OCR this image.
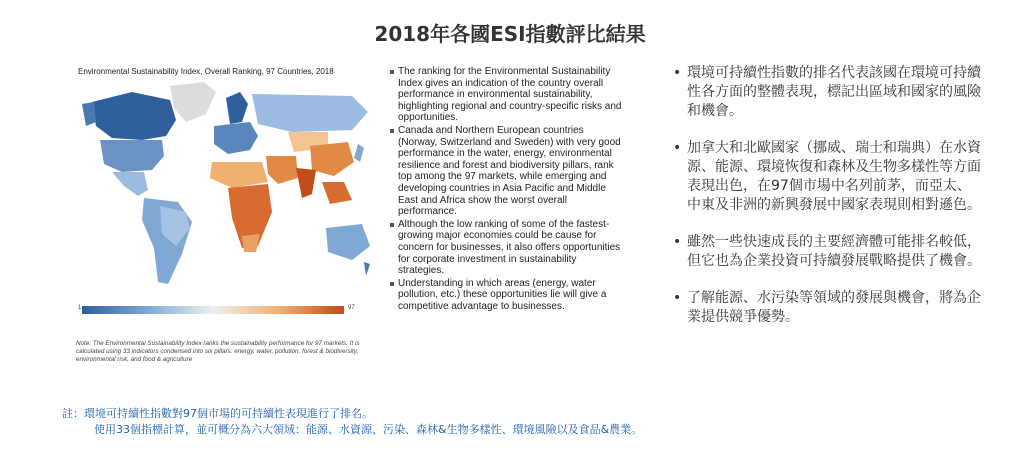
2018年各國ESI指數評比結果
Environmental Sustainability Index, Overall Ranking, 97 Countries, 2018
1	97
Note: The Environmental Sustainability Index ranks the sustainability performance for 97 markets. It is calculated using 33 indicators condensed into six pillars: energy, water, pollution, forest & biodiversity, environmental risk, and food & agriculture
The ranking for the Environmental Sustainability Index gives an indication of the country overall performance in environmental sustainability, highlighting regional and country-specific risks and opportunities.
Canada and Northern European countries (Norway, Switzerland and Sweden) with very good performance in the water, energy, environmental resilience and forest and biodiversity pillars, rank top among the 97 markets, while emerging and developing countries in Asia Pacific and Middle East and Africa show the worst overall performance.
Although the low ranking of some of the fastest-growing major economies could be cause for concern for businesses, it also offers opportunities for corporate investment in sustainability strategies.
Understanding in which areas (energy, water pollution, etc.) these opportunities lie will give a competitive advantage to businesses.
• 環境可持續性指數的排名代表該國在環境可持續性各方面的整體表現，標記出區域和國家的風險和機會。
• 加拿大和北歐國家（挪威、瑞士和瑞典）在水資源、能源、環境恢復和森林及生物多樣性等方面表現出色，在97個市場中名列前茅，而亞太、中東及非洲的新興發展中國家表現則相對遜色。
• 雖然一些快速成長的主要經濟體可能排名較低，但它也為企業投資可持續發展戰略提供了機會。
• 了解能源、水污染等領域的發展與機會，將為企業提供競爭優勢。
註：環境可持續性指數對97個市場的可持續性表現進行了排名。
使用33個指標計算，並可概分為六大領域：能源、水資源、污染、森林&生物多樣性、環境風險以及食品&農業。
